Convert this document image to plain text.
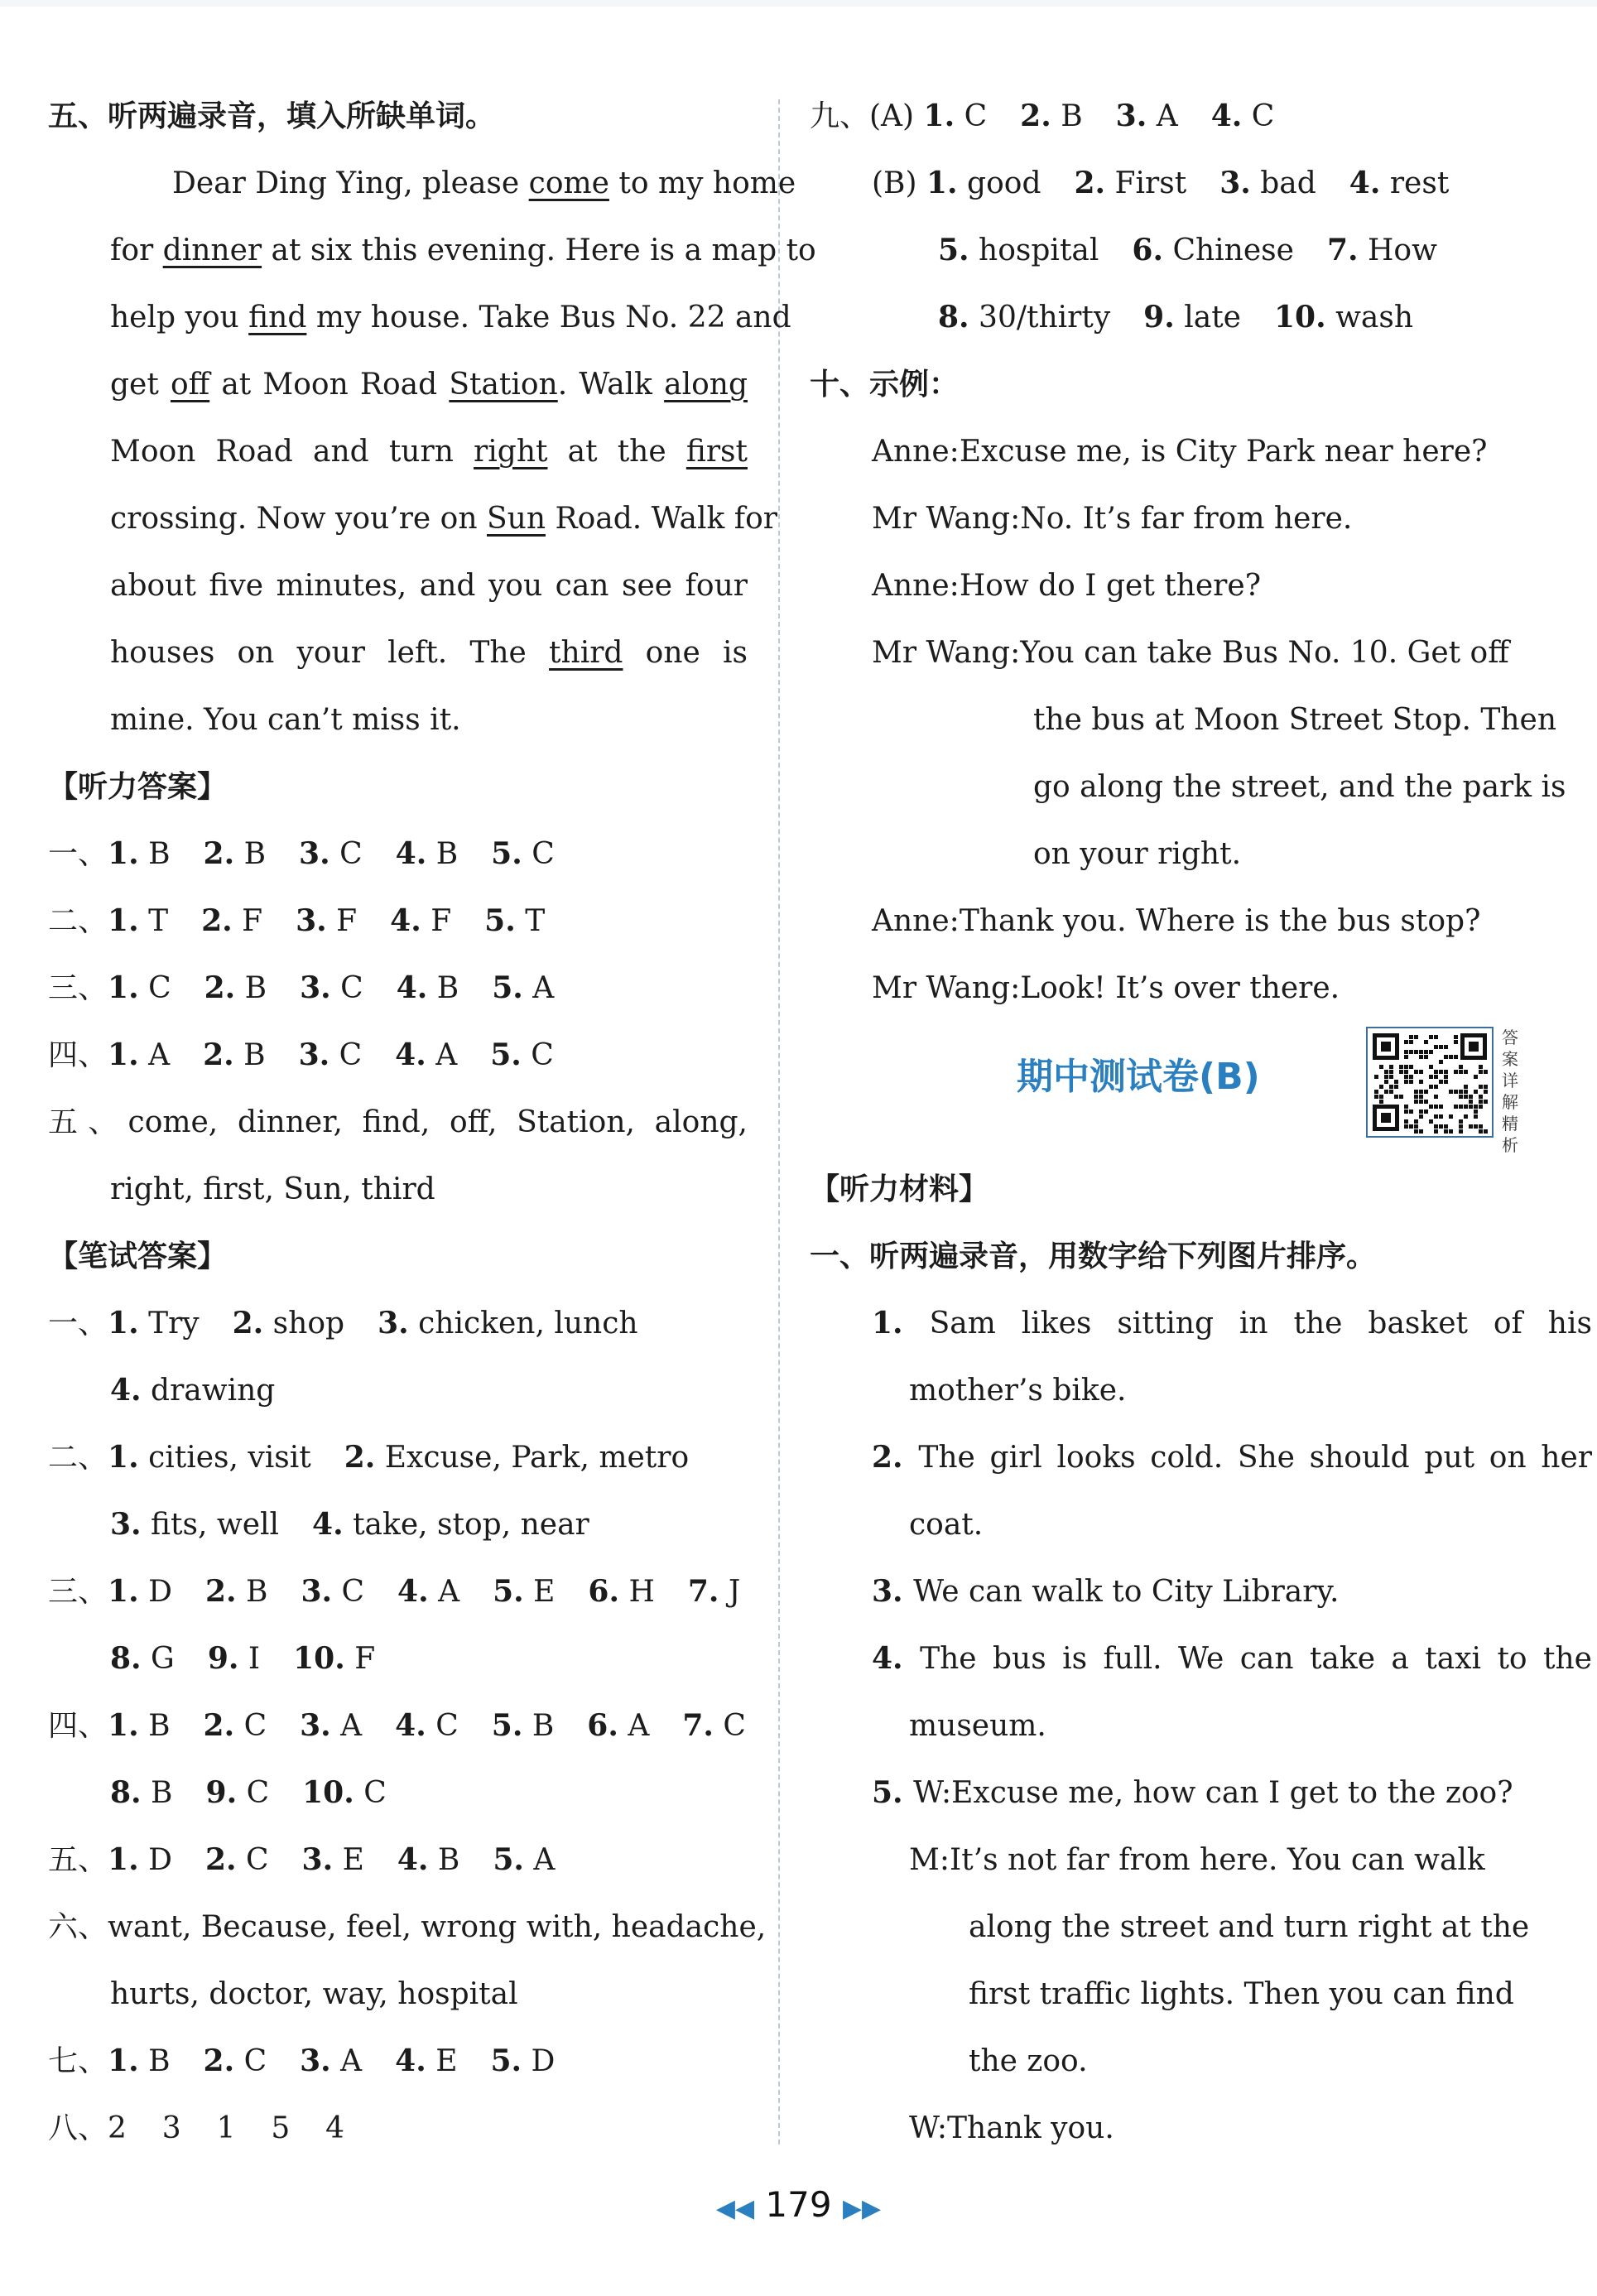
五、听两遍录音，填入所缺单词。
Dear Ding Ying, please come to my home
for dinner at six this evening. Here is a map to
help you find my house. Take Bus No. 22 and
get off at Moon Road Station. Walk along
Moon Road and turn right at the first
crossing. Now you’re on Sun Road. Walk for
about five minutes, and you can see four
houses on your left. The third one is
mine. You can’t miss it.
【听力答案】
一、1. B 2. B 3. C 4. B 5. C
二、1. T 2. F 3. F 4. F 5. T
三、1. C 2. B 3. C 4. B 5. A
四、1. A 2. B 3. C 4. A 5. C
五、come, dinner, find, off, Station, along,
right, first, Sun, third
【笔试答案】
一、1. Try 2. shop 3. chicken, lunch
4. drawing
二、1. cities, visit 2. Excuse, Park, metro
3. fits, well 4. take, stop, near
三、1. D 2. B 3. C 4. A 5. E 6. H 7. J
8. G 9. I 10. F
四、1. B 2. C 3. A 4. C 5. B 6. A 7. C
8. B 9. C 10. C
五、1. D 2. C 3. E 4. B 5. A
六、want, Because, feel, wrong with, headache,
hurts, doctor, way, hospital
七、1. B 2. C 3. A 4. E 5. D
八、2  3  1  5  4
九、(A) 1. C 2. B 3. A 4. C
(B) 1. good 2. First 3. bad 4. rest
5. hospital 6. Chinese 7. How
8. 30/thirty 9. late 10. wash
十、示例：
Anne:Excuse me, is City Park near here?
Mr Wang:No. It’s far from here.
Anne:How do I get there?
Mr Wang:You can take Bus No. 10. Get off
the bus at Moon Street Stop. Then
go along the street, and the park is
on your right.
Anne:Thank you. Where is the bus stop?
Mr Wang:Look! It’s over there.
期中测试卷(B)
答案详解精析
【听力材料】
一、听两遍录音，用数字给下列图片排序。
1. Sam likes sitting in the basket of his
mother’s bike.
2. The girl looks cold. She should put on her
coat.
3. We can walk to City Library.
4. The bus is full. We can take a taxi to the
museum.
5. W:Excuse me, how can I get to the zoo?
M:It’s not far from here. You can walk
along the street and turn right at the
first traffic lights. Then you can find
the zoo.
W:Thank you.
◀◀ 179 ▶▶
